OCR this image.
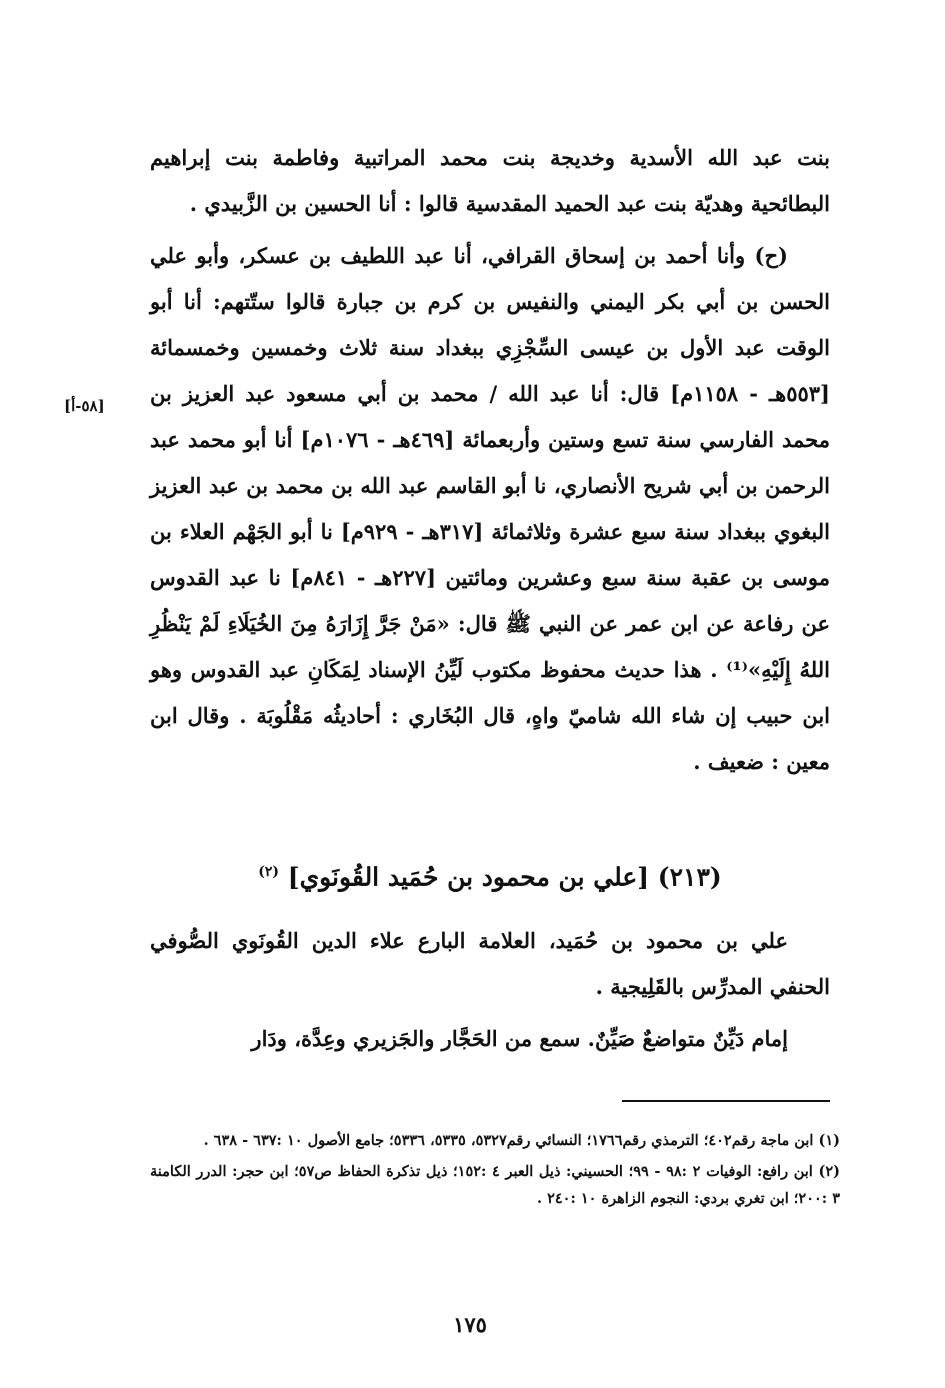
بنت عبد الله الأسدية وخديجة بنت محمد المراتبية وفاطمة بنت إبراهيم البطائحية وهديّة بنت عبد الحميد المقدسية قالوا : أنا الحسين بن الزَّبيدي .

(ح) وأنا أحمد بن إسحاق القرافي، أنا عبد اللطيف بن عسكر، وأبو علي الحسن بن أبي بكر اليمني والنفيس بن كرم بن جبارة قالوا ستّتهم: أنا أبو الوقت عبد الأول بن عيسى السِّجْزِي ببغداد سنة ثلاث وخمسين وخمسمائة [٥٥٣هـ - ١١٥٨م] قال: أنا عبد الله / محمد بن أبي مسعود عبد العزيز بن محمد الفارسي سنة تسع وستين وأربعمائة [٤٦٩هـ - ١٠٧٦م] أنا أبو محمد عبد الرحمن بن أبي شريح الأنصاري، نا أبو القاسم عبد الله بن محمد بن عبد العزيز البغوي ببغداد سنة سبع عشرة وثلاثمائة [٣١٧هـ - ٩٢٩م] نا أبو الجَهْم العلاء بن موسى بن عقبة سنة سبع وعشرين ومائتين [٢٢٧هـ - ٨٤١م] نا عبد القدوس عن رفاعة عن ابن عمر عن النبي ﷺ قال: «مَنْ جَرَّ إِزَارَهُ مِنَ الخُيَلَاءِ لَمْ يَنْظُرِ اللهُ إِلَيْهِ»⁽¹⁾ . هذا حديث محفوظ مكتوب لَيِّنُ الإسناد لِمَكَانِ عبد القدوس وهو ابن حبيب إن شاء الله شاميّ واهٍ، قال البُخَاري : أحاديثُه مَقْلُوبَة . وقال ابن معين : ضعيف .

[٥٨-أ]
(٢١٣) [علي بن محمود بن حُمَيد القُونَوي] $^{(٢)}$

علي بن محمود بن حُمَيد، العلامة البارع علاء الدين القُونَوي الصُّوفي الحنفي المدرِّس بالقَلِيجية .

إمام دَيِّنٌ متواضعٌ صَيِّنٌ. سمع من الحَجَّار والجَزيري وعِدَّة، ودَار

(١) ابن ماجة رقم٤٠٢؛ الترمذي رقم١٧٦٦؛ النسائي رقم٥٣٢٧، ٥٣٣٥، ٥٣٣٦؛ جامع الأصول ١٠ :٦٣٧ - ٦٣٨ .

(٢) ابن رافع: الوفيات ٢ :٩٨ - ٩٩؛ الحسيني: ذيل العبر ٤ :١٥٢؛ ذيل تذكرة الحفاظ ص٥٧؛ ابن حجر: الدرر الكامنة ٣ :٢٠٠؛ ابن تغري بردي: النجوم الزاهرة ١٠ :٢٤٠ .

١٧٥
